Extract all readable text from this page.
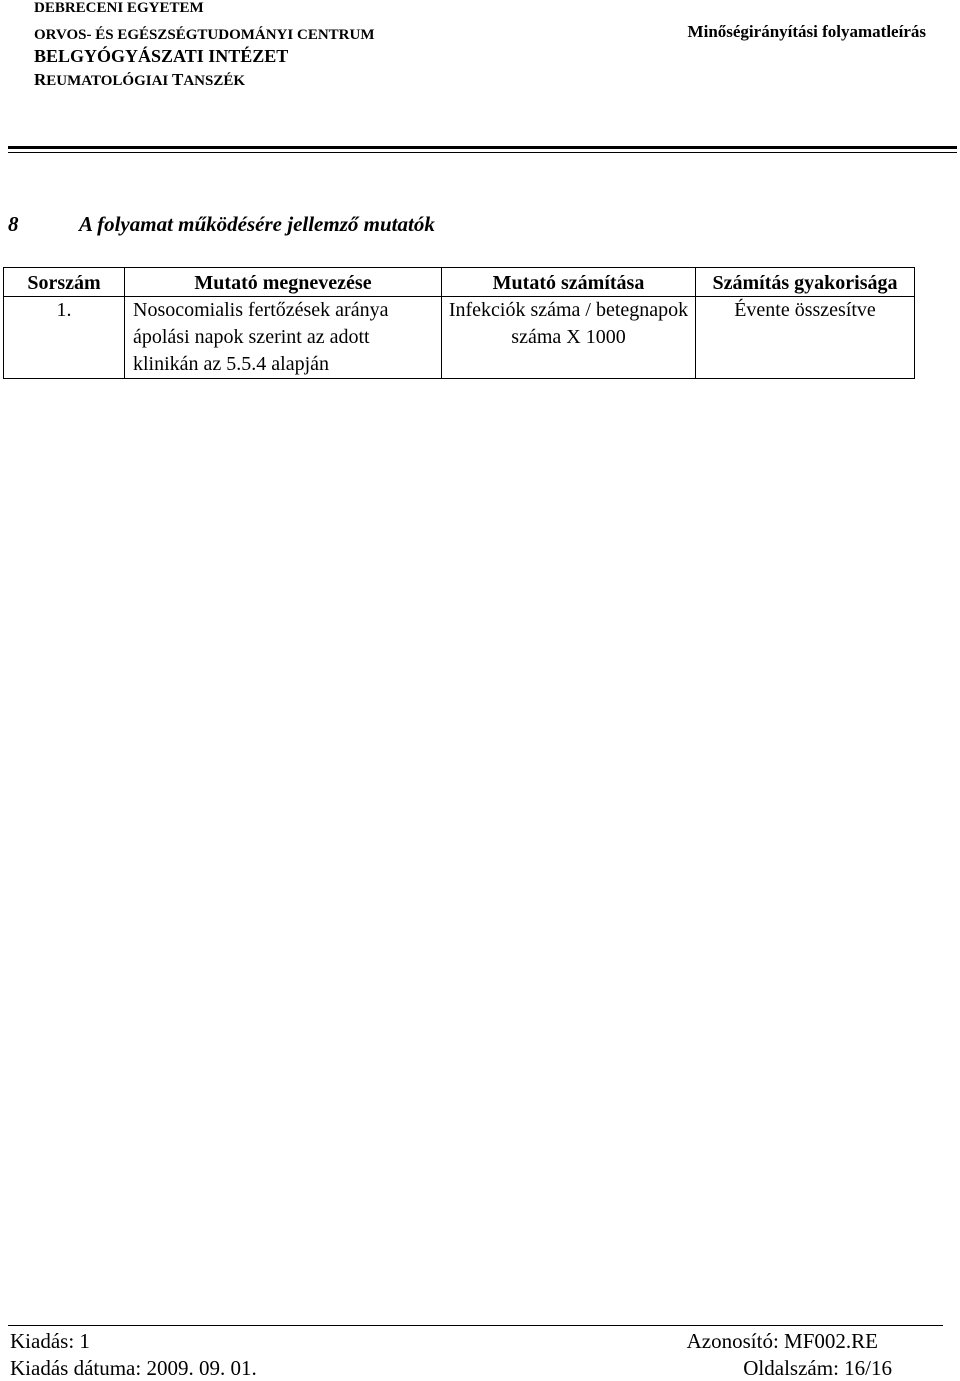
DEBRECENI EGYETEM
ORVOS- ÉS EGÉSZSÉGTUDOMÁNYI CENTRUM
BELGYÓGYÁSZATI INTÉZET
REUMATOLÓGIAI TANSZÉK
Minőségirányítási folyamatleírás
8	A folyamat működésére jellemző mutatók
Sorszám	Mutató megnevezése	Mutató számítása	Számítás gyakorisága
1.	Nosocomialis fertőzések aránya ápolási napok szerint az adott klinikán az 5.5.4 alapján	Infekciók száma / betegnapok száma X 1000	Évente összesítve
Kiadás: 1
Kiadás dátuma: 2009. 09. 01.
Azonosító: MF002.RE
Oldalszám: 16/16
